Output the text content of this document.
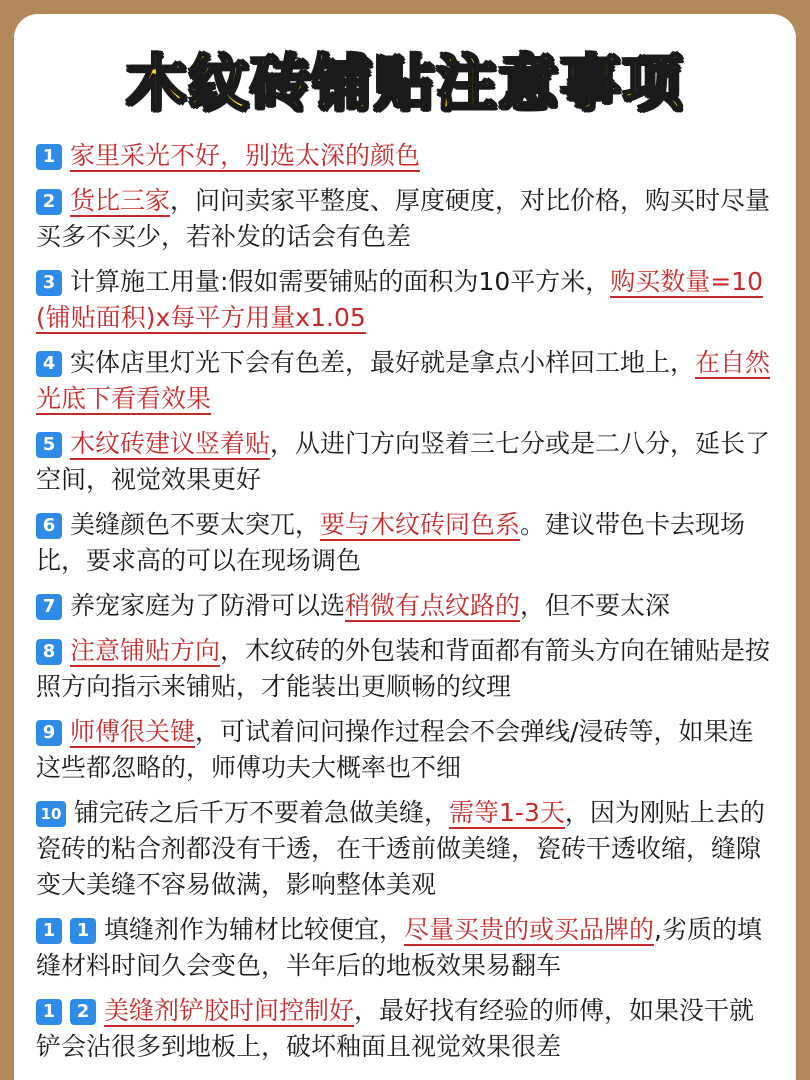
木纹砖铺贴注意事项
1 家里采光不好，别选太深的颜色
2 货比三家，问问卖家平整度、厚度硬度，对比价格，购买时尽量买多不买少，若补发的话会有色差
3 计算施工用量:假如需要铺贴的面积为10平方米，购买数量=10(铺贴面积)x每平方用量x1.05
4 实体店里灯光下会有色差，最好就是拿点小样回工地上，在自然光底下看看效果
5 木纹砖建议竖着贴，从进门方向竖着三七分或是二八分，延长了空间，视觉效果更好
6 美缝颜色不要太突兀，要与木纹砖同色系。建议带色卡去现场比，要求高的可以在现场调色
7 养宠家庭为了防滑可以选稍微有点纹路的，但不要太深
8 注意铺贴方向，木纹砖的外包装和背面都有箭头方向在铺贴是按照方向指示来铺贴，才能装出更顺畅的纹理
9 师傅很关键，可试着问问操作过程会不会弹线/浸砖等，如果连这些都忽略的，师傅功夫大概率也不细
10 铺完砖之后千万不要着急做美缝，需等1-3天，因为刚贴上去的瓷砖的粘合剂都没有干透，在干透前做美缝，瓷砖干透收缩，缝隙变大美缝不容易做满，影响整体美观
1 1 填缝剂作为辅材比较便宜，尽量买贵的或买品牌的,劣质的填缝材料时间久会变色，半年后的地板效果易翻车
1 2 美缝剂铲胶时间控制好，最好找有经验的师傅，如果没干就铲会沾很多到地板上，破坏釉面且视觉效果很差
